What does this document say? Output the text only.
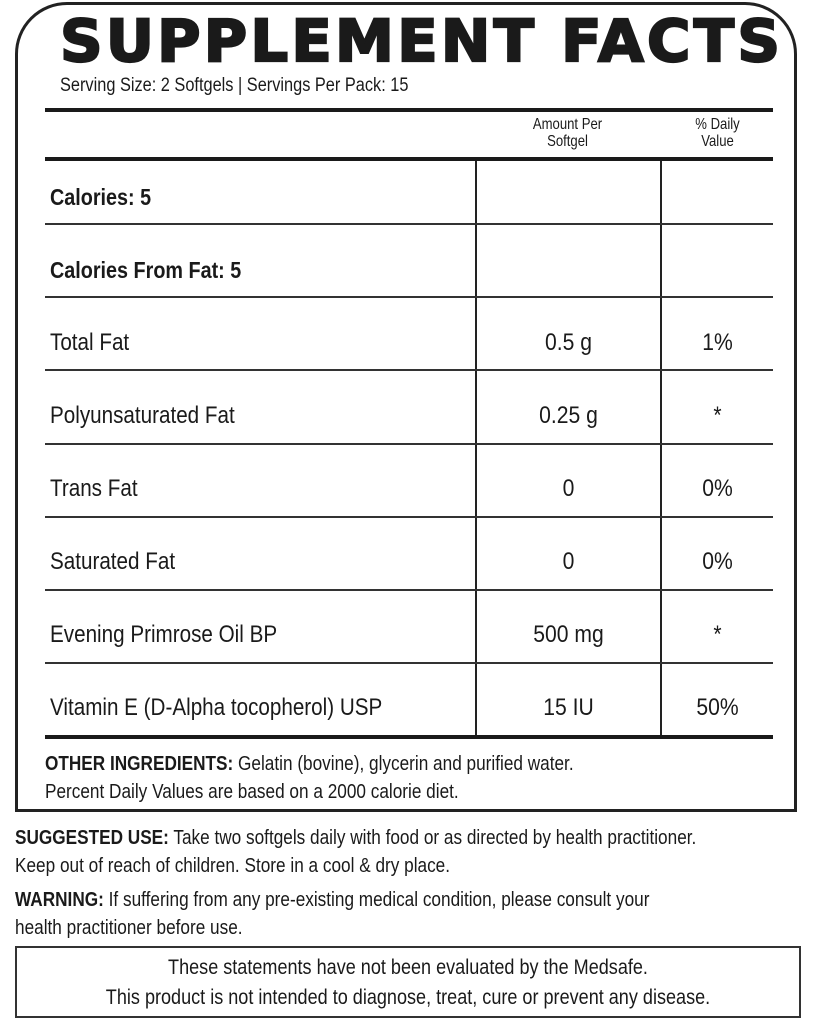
SUPPLEMENT FACTS
Serving Size: 2 Softgels | Servings Per Pack: 15
Amount Per
Softgel
% Daily
Value
Calories: 5
Calories From Fat: 5
Total Fat	0.5 g	1%
Polyunsaturated Fat	0.25 g	*
Trans Fat	0	0%
Saturated Fat	0	0%
Evening Primrose Oil BP	500 mg	*
Vitamin E (D-Alpha tocopherol) USP	15 IU	50%
OTHER INGREDIENTS: Gelatin (bovine), glycerin and purified water.
Percent Daily Values are based on a 2000 calorie diet.
SUGGESTED USE: Take two softgels daily with food or as directed by health practitioner.
Keep out of reach of children. Store in a cool & dry place.
WARNING: If suffering from any pre-existing medical condition, please consult your
health practitioner before use.
These statements have not been evaluated by the Medsafe.
This product is not intended to diagnose, treat, cure or prevent any disease.
